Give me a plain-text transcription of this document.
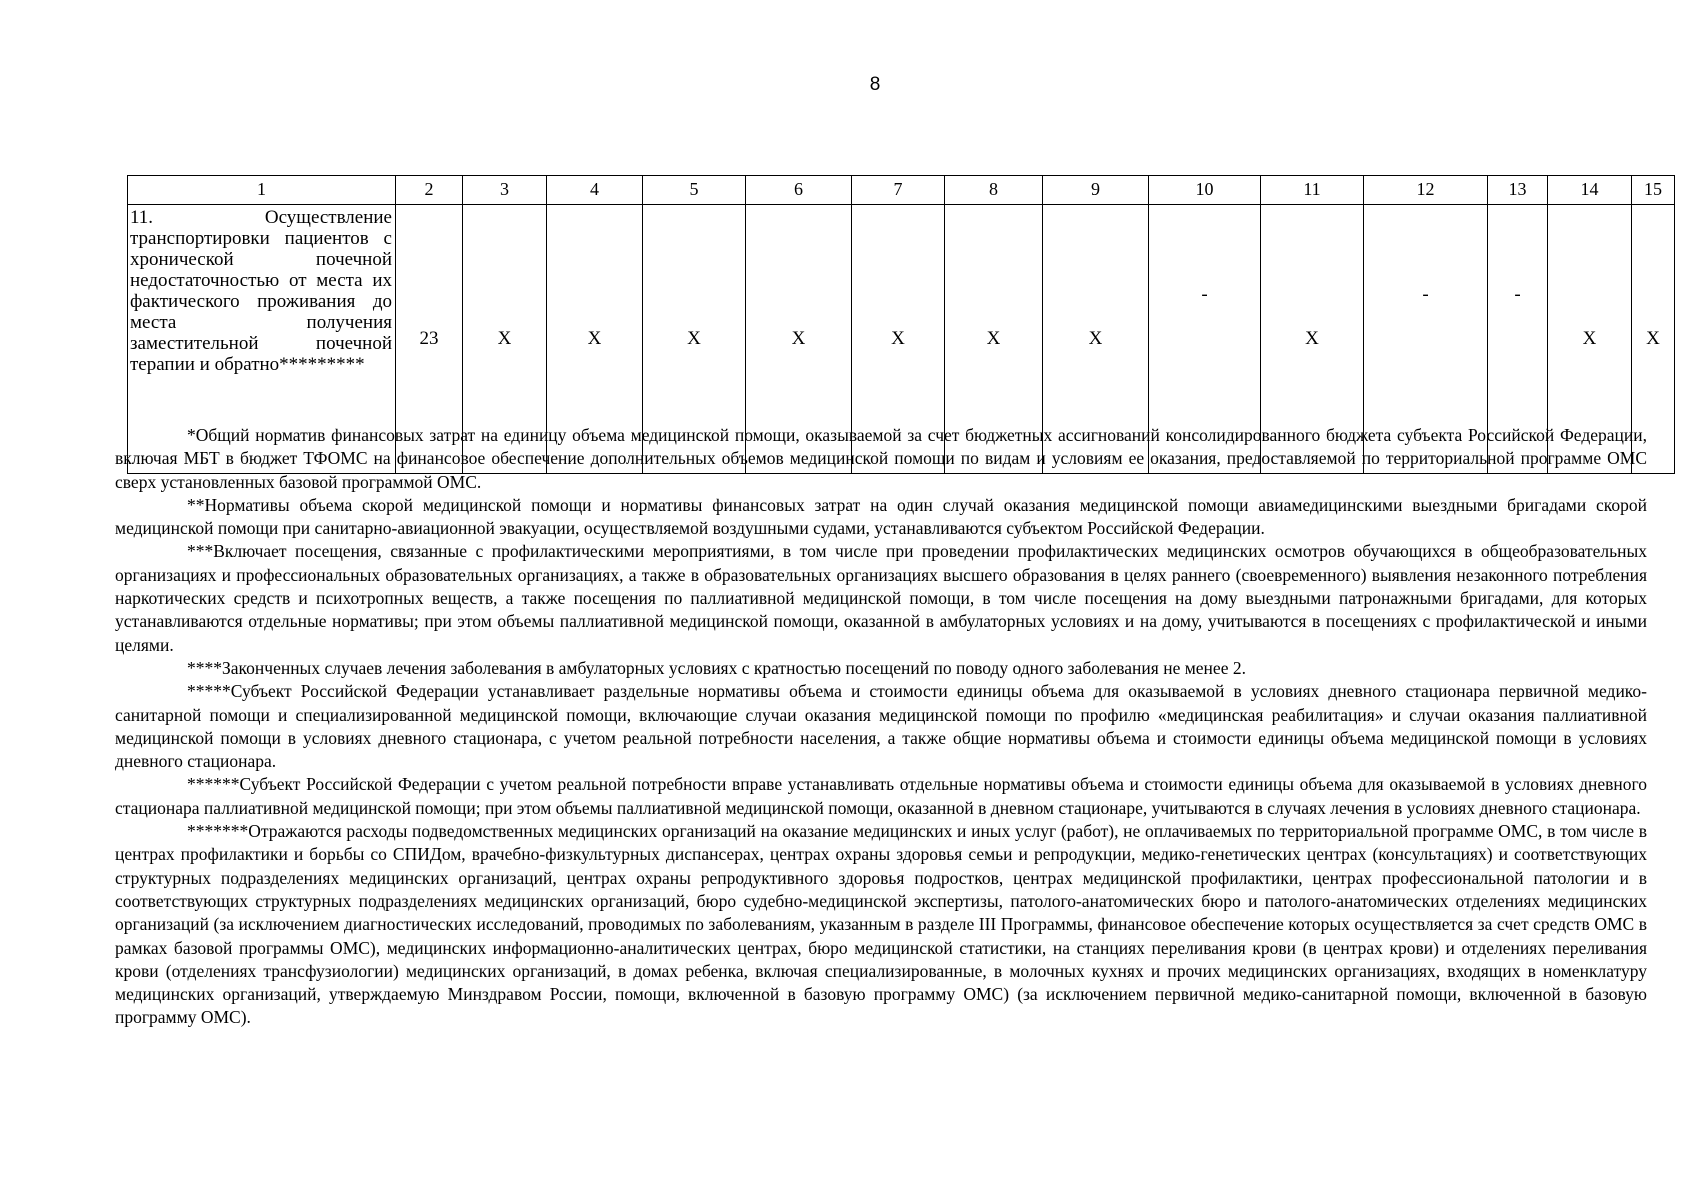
8
1	2	3	4	5	6	7	8	9	10	11	12	13	14	15
11. Осуществление транспортировки пациентов с хронической почечной недостаточностью от места их фактического проживания до места получения заместительной почечной терапии и обратно*********	23	X	X	X	X	X	X	X	-	X	-	-	X	X

*Общий норматив финансовых затрат на единицу объема медицинской помощи, оказываемой за счет бюджетных ассигнований консолидированного бюджета субъекта Российской Федерации, включая МБТ в бюджет ТФОМС на финансовое обеспечение дополнительных объемов медицинской помощи по видам и условиям ее оказания, предоставляемой по территориальной программе ОМС сверх установленных базовой программой ОМС.

**Нормативы объема скорой медицинской помощи и нормативы финансовых затрат на один случай оказания медицинской помощи авиамедицинскими выездными бригадами скорой медицинской помощи при санитарно-авиационной эвакуации, осуществляемой воздушными судами, устанавливаются субъектом Российской Федерации.

***Включает посещения, связанные с профилактическими мероприятиями, в том числе при проведении профилактических медицинских осмотров обучающихся в общеобразовательных организациях и профессиональных образовательных организациях, а также в образовательных организациях высшего образования в целях раннего (своевременного) выявления незаконного потребления наркотических средств и психотропных веществ, а также посещения по паллиативной медицинской помощи, в том числе посещения на дому выездными патронажными бригадами, для которых устанавливаются отдельные нормативы; при этом объемы паллиативной медицинской помощи, оказанной в амбулаторных условиях и на дому, учитываются в посещениях с профилактической и иными целями.

****Законченных случаев лечения заболевания в амбулаторных условиях с кратностью посещений по поводу одного заболевания не менее 2.

*****Субъект Российской Федерации устанавливает раздельные нормативы объема и стоимости единицы объема для оказываемой в условиях дневного стационара первичной медико-санитарной помощи и специализированной медицинской помощи, включающие случаи оказания медицинской помощи по профилю «медицинская реабилитация» и случаи оказания паллиативной медицинской помощи в условиях дневного стационара, с учетом реальной потребности населения, а также общие нормативы объема и стоимости единицы объема медицинской помощи в условиях дневного стационара.

******Субъект Российской Федерации с учетом реальной потребности вправе устанавливать отдельные нормативы объема и стоимости единицы объема для оказываемой в условиях дневного стационара паллиативной медицинской помощи; при этом объемы паллиативной медицинской помощи, оказанной в дневном стационаре, учитываются в случаях лечения в условиях дневного стационара.

*******Отражаются расходы подведомственных медицинских организаций на оказание медицинских и иных услуг (работ), не оплачиваемых по территориальной программе ОМС, в том числе в центрах профилактики и борьбы со СПИДом, врачебно-физкультурных диспансерах, центрах охраны здоровья семьи и репродукции, медико-генетических центрах (консультациях) и соответствующих структурных подразделениях медицинских организаций, центрах охраны репродуктивного здоровья подростков, центрах медицинской профилактики, центрах профессиональной патологии и в соответствующих структурных подразделениях медицинских организаций, бюро судебно-медицинской экспертизы, патолого-анатомических бюро и патолого-анатомических отделениях медицинских организаций (за исключением диагностических исследований, проводимых по заболеваниям, указанным в разделе III Программы, финансовое обеспечение которых осуществляется за счет средств ОМС в рамках базовой программы ОМС), медицинских информационно-аналитических центрах, бюро медицинской статистики, на станциях переливания крови (в центрах крови) и отделениях переливания крови (отделениях трансфузиологии) медицинских организаций, в домах ребенка, включая специализированные, в молочных кухнях и прочих медицинских организациях, входящих в номенклатуру медицинских организаций, утверждаемую Минздравом России, помощи, включенной в базовую программу ОМС) (за исключением первичной медико-санитарной помощи, включенной в базовую программу ОМС).
